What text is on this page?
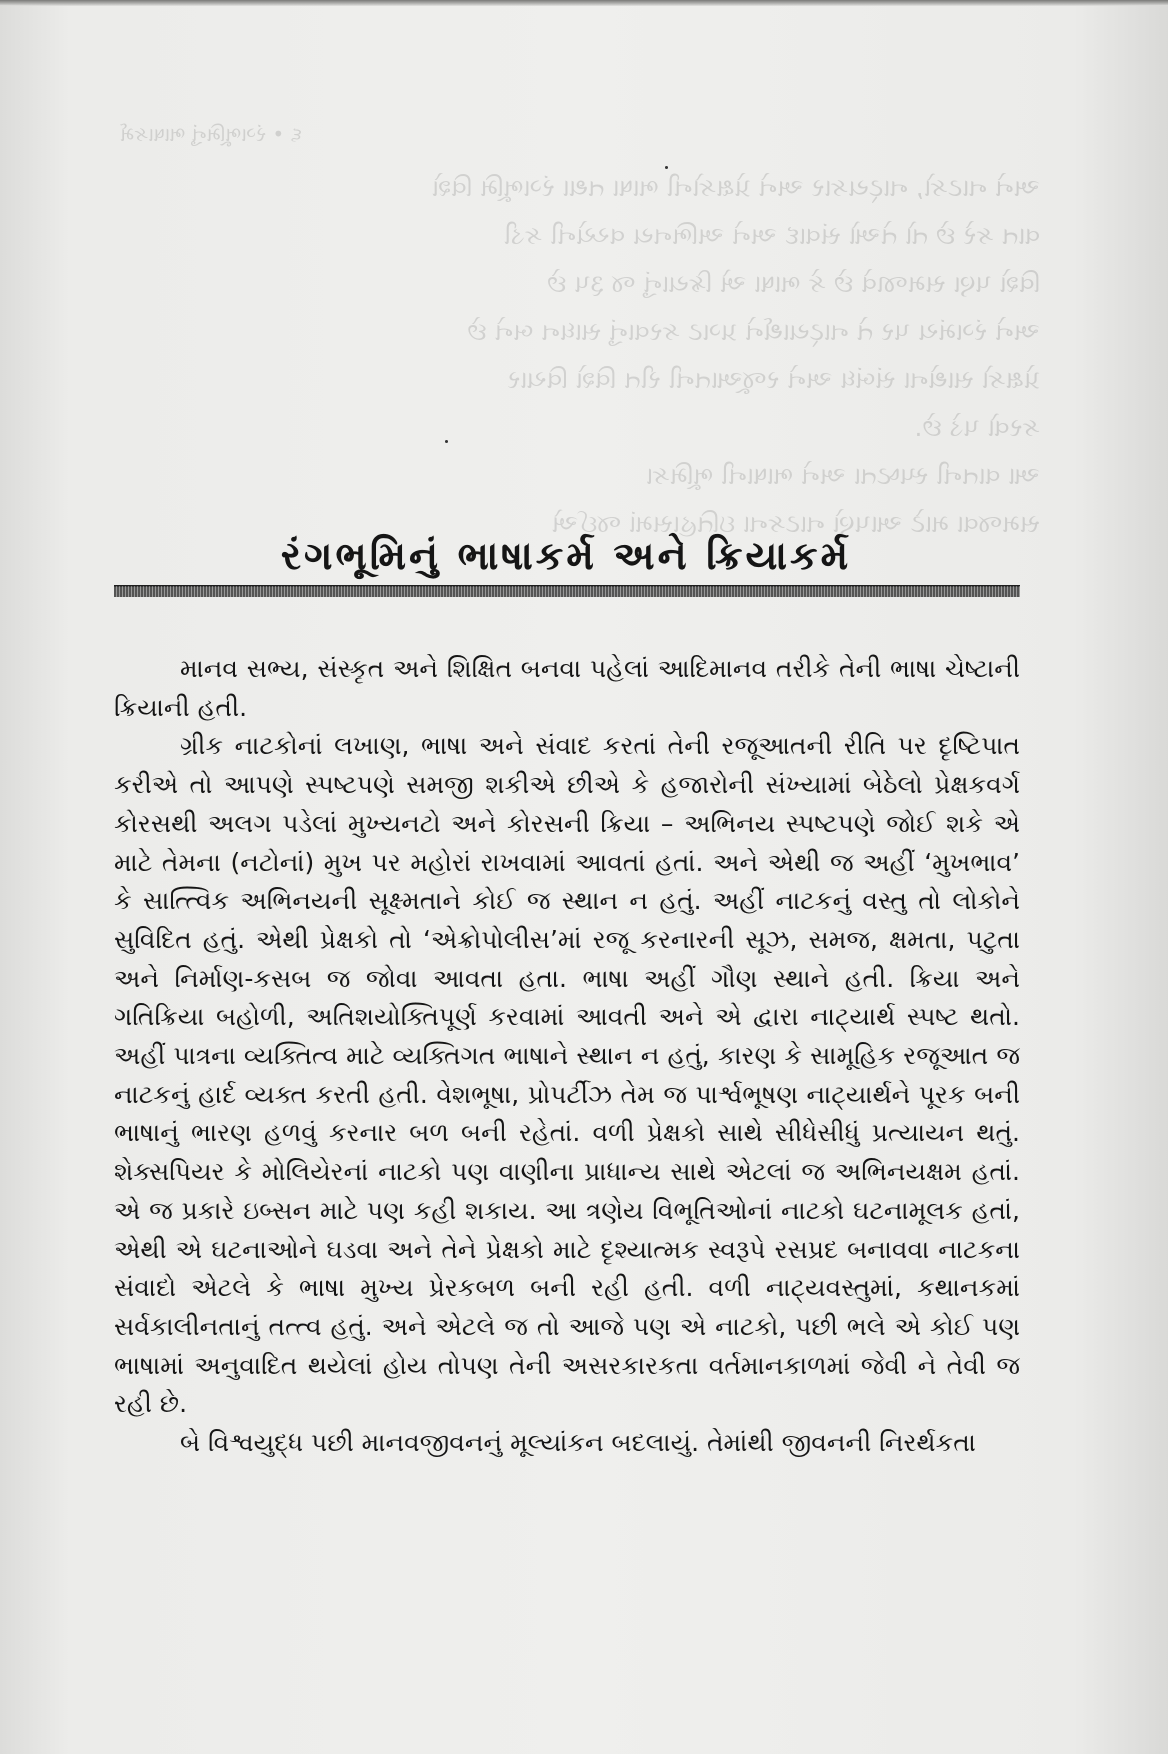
૬ • રંગભૂમિનું ભાષાકર્મ
અને નાટકો, નાટ્યકાર અને પ્રેક્ષકોની ભાષા તથા રંગભૂમિ વિશે
વાત કરે છે તો તેઓ સંવાદ અને અભિનય વચ્ચેની કડી
વિશે પણ સમજાવે છે કે ભાષા એ ક્રિયાનું જ રૂપ છે
અને રંગમંચ પર તે નાટ્યાર્થને પ્રગટ કરવાનું સાધન બને છે
પ્રેક્ષકો સાથેના સંબંધ અને રજૂઆતની રીત વિશે વિચાર
કરવો પડે છે.
આ વાતની સ્પષ્ટતા અને ભાષાની ભૂમિકા
સમજવા માટે આપણે નાટકના ઇતિહાસમાં જઈએ
રંગભૂમિનું ભાષાકર્મ અને ક્રિયાકર્મ

માનવ સભ્ય, સંસ્કૃત અને શિક્ષિત બનવા પહેલાં આદિમાનવ તરીકે તેની ભાષા ચેષ્ટાની ક્રિયાની હતી.

ગ્રીક નાટકોનાં લખાણ, ભાષા અને સંવાદ કરતાં તેની રજૂઆતની રીતિ પર દૃષ્ટિપાત કરીએ તો આપણે સ્પષ્ટપણે સમજી શકીએ છીએ કે હજારોની સંખ્યામાં બેઠેલો પ્રેક્ષકવર્ગ કોરસથી અલગ પડેલાં મુખ્યનટો અને કોરસની ક્રિયા – અભિનય સ્પષ્ટપણે જોઈ શકે એ માટે તેમના (નટોનાં) મુખ પર મહોરાં રાખવામાં આવતાં હતાં. અને એથી જ અહીં ‘મુખભાવ’ કે સાત્ત્વિક અભિનયની સૂક્ષ્મતાને કોઈ જ સ્થાન ન હતું. અહીં નાટકનું વસ્તુ તો લોકોને સુવિદિત હતું. એથી પ્રેક્ષકો તો ‘એક્રોપોલીસ’માં રજૂ કરનારની સૂઝ, સમજ, ક્ષમતા, પટુતા અને નિર્માણ-કસબ જ જોવા આવતા હતા. ભાષા અહીં ગૌણ સ્થાને હતી. ક્રિયા અને ગતિક્રિયા બહોળી, અતિશયોક્તિપૂર્ણ કરવામાં આવતી અને એ દ્વારા નાટ્યાર્થ સ્પષ્ટ થતો. અહીં પાત્રના વ્યક્તિત્વ માટે વ્યક્તિગત ભાષાને સ્થાન ન હતું, કારણ કે સામૂહિક રજૂઆત જ નાટકનું હાર્દ વ્યક્ત કરતી હતી. વેશભૂષા, પ્રોપર્ટીઝ તેમ જ પાર્શ્વભૂષણ નાટ્યાર્થને પૂરક બની ભાષાનું ભારણ હળવું કરનાર બળ બની રહેતાં. વળી પ્રેક્ષકો સાથે સીધેસીધું પ્રત્યાયન થતું. શેક્સપિયર કે મોલિયેરનાં નાટકો પણ વાણીના પ્રાધાન્ય સાથે એટલાં જ અભિનયક્ષમ હતાં. એ જ પ્રકારે ઇબ્સન માટે પણ કહી શકાય. આ ત્રણેય વિભૂતિઓનાં નાટકો ઘટનામૂલક હતાં, એથી એ ઘટનાઓને ઘડવા અને તેને પ્રેક્ષકો માટે દૃશ્યાત્મક સ્વરૂપે રસપ્રદ બનાવવા નાટકના સંવાદો એટલે કે ભાષા મુખ્ય પ્રેરકબળ બની રહી હતી. વળી નાટ્યવસ્તુમાં, કથાનકમાં સર્વકાલીનતાનું તત્ત્વ હતું. અને એટલે જ તો આજે પણ એ નાટકો, પછી ભલે એ કોઈ પણ ભાષામાં અનુવાદિત થયેલાં હોય તોપણ તેની અસરકારકતા વર્તમાનકાળમાં જેવી ને તેવી જ રહી છે.

બે વિશ્વયુદ્ધ પછી માનવજીવનનું મૂલ્યાંકન બદલાયું. તેમાંથી જીવનની નિરર્થકતા
